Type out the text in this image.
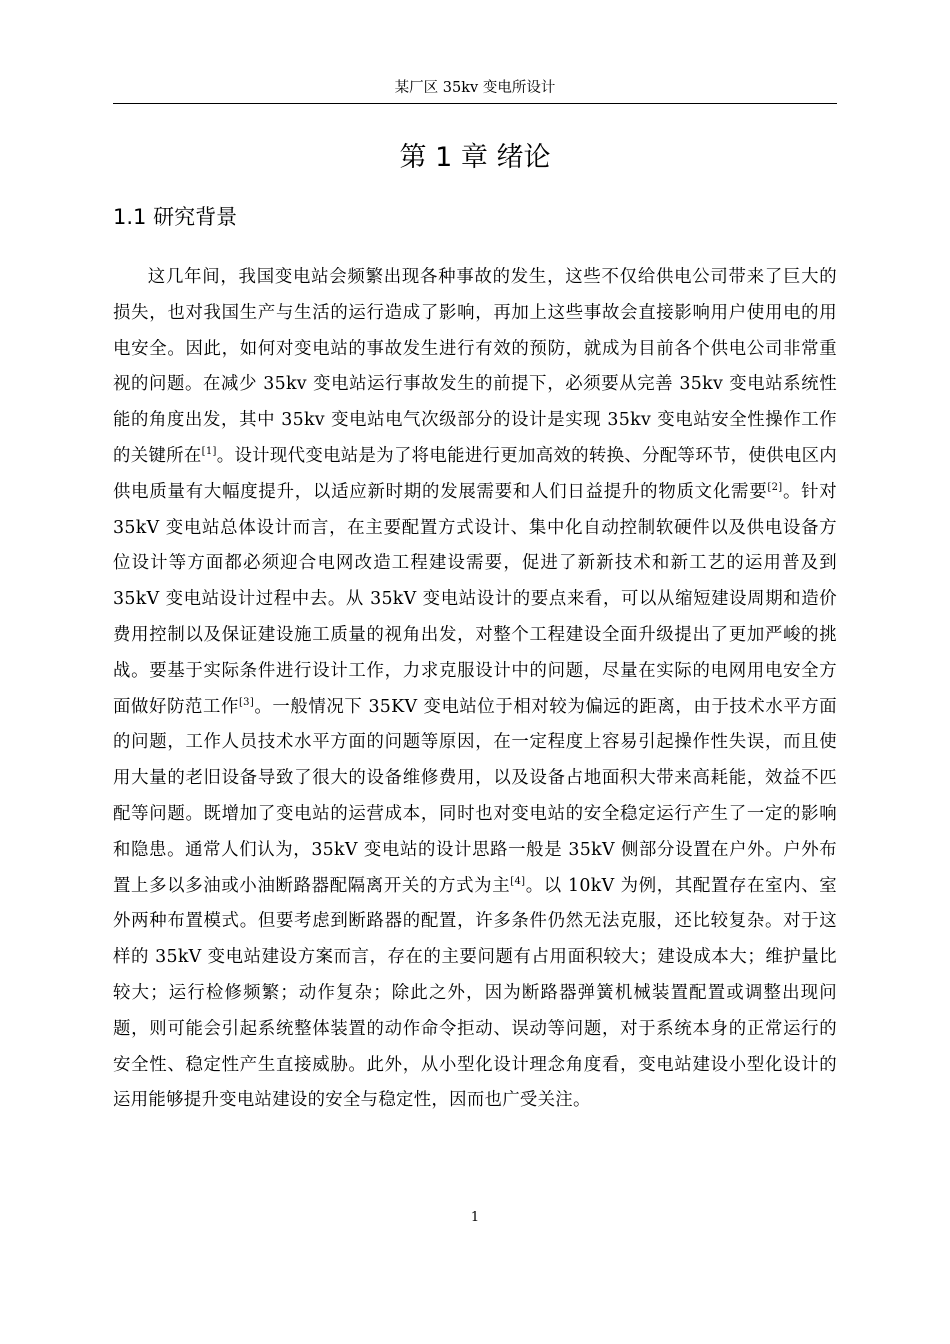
某厂区 35kv 变电所设计
第 1 章 绪论
1.1 研究背景

这几年间，我国变电站会频繁出现各种事故的发生，这些不仅给供电公司带来了巨大的损失，也对我国生产与生活的运行造成了影响，再加上这些事故会直接影响用户使用电的用电安全。因此，如何对变电站的事故发生进行有效的预防，就成为目前各个供电公司非常重视的问题。在减少 35kv 变电站运行事故发生的前提下，必须要从完善 35kv 变电站系统性能的角度出发，其中 35kv 变电站电气次级部分的设计是实现 35kv 变电站安全性操作工作的关键所在[1]。设计现代变电站是为了将电能进行更加高效的转换、分配等环节，使供电区内供电质量有大幅度提升，以适应新时期的发展需要和人们日益提升的物质文化需要[2]。针对 35kV 变电站总体设计而言，在主要配置方式设计、集中化自动控制软硬件以及供电设备方位设计等方面都必须迎合电网改造工程建设需要，促进了新新技术和新工艺的运用普及到 35kV 变电站设计过程中去。从 35kV 变电站设计的要点来看，可以从缩短建设周期和造价费用控制以及保证建设施工质量的视角出发，对整个工程建设全面升级提出了更加严峻的挑战。要基于实际条件进行设计工作，力求克服设计中的问题，尽量在实际的电网用电安全方面做好防范工作[3]。一般情况下 35KV 变电站位于相对较为偏远的距离，由于技术水平方面的问题，工作人员技术水平方面的问题等原因，在一定程度上容易引起操作性失误，而且使用大量的老旧设备导致了很大的设备维修费用，以及设备占地面积大带来高耗能，效益不匹配等问题。既增加了变电站的运营成本，同时也对变电站的安全稳定运行产生了一定的影响和隐患。通常人们认为，35kV 变电站的设计思路一般是 35kV 侧部分设置在户外。户外布置上多以多油或小油断路器配隔离开关的方式为主[4]。以 10kV 为例，其配置存在室内、室外两种布置模式。但要考虑到断路器的配置，许多条件仍然无法克服，还比较复杂。对于这样的 35kV 变电站建设方案而言，存在的主要问题有占用面积较大；建设成本大；维护量比较大；运行检修频繁；动作复杂；除此之外，因为断路器弹簧机械装置配置或调整出现问题，则可能会引起系统整体装置的动作命令拒动、误动等问题，对于系统本身的正常运行的安全性、稳定性产生直接威胁。此外，从小型化设计理念角度看，变电站建设小型化设计的运用能够提升变电站建设的安全与稳定性，因而也广受关注。

1
